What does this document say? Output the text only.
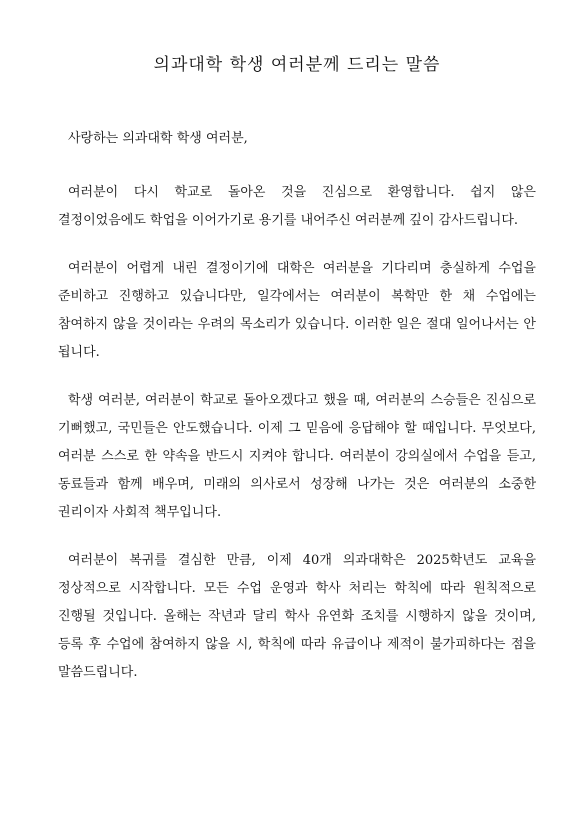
의과대학 학생 여러분께 드리는 말씀

사랑하는 의과대학 학생 여러분,

여러분이 다시 학교로 돌아온 것을 진심으로 환영합니다. 쉽지 않은 결정이었음에도 학업을 이어가기로 용기를 내어주신 여러분께 깊이 감사드립니다.

여러분이 어렵게 내린 결정이기에 대학은 여러분을 기다리며 충실하게 수업을 준비하고 진행하고 있습니다만, 일각에서는 여러분이 복학만 한 채 수업에는 참여하지 않을 것이라는 우려의 목소리가 있습니다. 이러한 일은 절대 일어나서는 안 됩니다.

학생 여러분, 여러분이 학교로 돌아오겠다고 했을 때, 여러분의 스승들은 진심으로 기뻐했고, 국민들은 안도했습니다. 이제 그 믿음에 응답해야 할 때입니다. 무엇보다, 여러분 스스로 한 약속을 반드시 지켜야 합니다. 여러분이 강의실에서 수업을 듣고, 동료들과 함께 배우며, 미래의 의사로서 성장해 나가는 것은 여러분의 소중한 권리이자 사회적 책무입니다.

여러분이 복귀를 결심한 만큼, 이제 40개 의과대학은 2025학년도 교육을 정상적으로 시작합니다. 모든 수업 운영과 학사 처리는 학칙에 따라 원칙적으로 진행될 것입니다. 올해는 작년과 달리 학사 유연화 조치를 시행하지 않을 것이며, 등록 후 수업에 참여하지 않을 시, 학칙에 따라 유급이나 제적이 불가피하다는 점을 말씀드립니다.
